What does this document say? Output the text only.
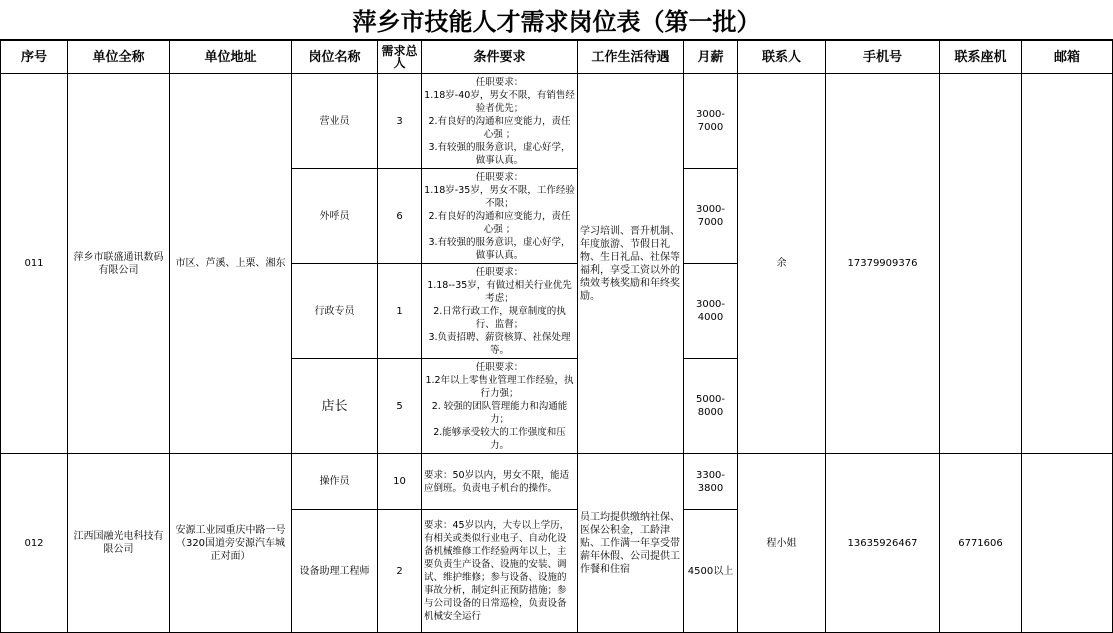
萍乡市技能人才需求岗位表（第一批）
序号	单位全称	单位地址	岗位名称	需求总人	条件要求	工作生活待遇	月薪	联系人	手机号	联系座机	邮箱
011	萍乡市联盛通讯数码有限公司	市区、芦溪、上栗、湘东	营业员	3	任职要求：
1.18岁-40岁，男女不限，有销售经验者优先；
2.有良好的沟通和应变能力，责任心强 ；
3.有较强的服务意识，虚心好学，做事认真。	学习培训、晋升机制、年度旅游、节假日礼物、生日礼品、社保等福利，享受工资以外的绩效考核奖励和年终奖励。	3000-7000	余	17379909376		
			外呼员	6	任职要求：
1.18岁-35岁，男女不限，工作经验不限；
2.有良好的沟通和应变能力，责任心强 ；
3.有较强的服务意识，虚心好学，做事认真。		3000-7000				
			行政专员	1	任职要求：
1.18--35岁，有做过相关行业优先考虑；
2.日常行政工作，规章制度的执行、监督；
3.负责招聘、薪资核算、社保处理等。		3000-4000				
			店长	5	任职要求：
1.2年以上零售业管理工作经验，执行力强；
2. 较强的团队管理能力和沟通能力；
2.能够承受较大的工作强度和压力。		5000-8000				
012	江西国融光电科技有限公司	安源工业园重庆中路一号（320国道旁安源汽车城正对面）	操作员	10	要求：50岁以内，男女不限，能适应倒班。负责电子机台的操作。	员工均提供缴纳社保、医保公积金，工龄津贴、工作满一年享受带薪年休假、公司提供工作餐和住宿	3300-3800	程小姐	13635926467	6771606	
			设备助理工程师	2	要求：45岁以内，大专以上学历，有相关或类似行业电子、自动化设备机械维修工作经验两年以上，主要负责生产设备、设施的安装、调试、维护维修；参与设备、设施的事故分析，制定纠正预防措施；参与公司设备的日常巡检，负责设备机械安全运行		4500以上				
